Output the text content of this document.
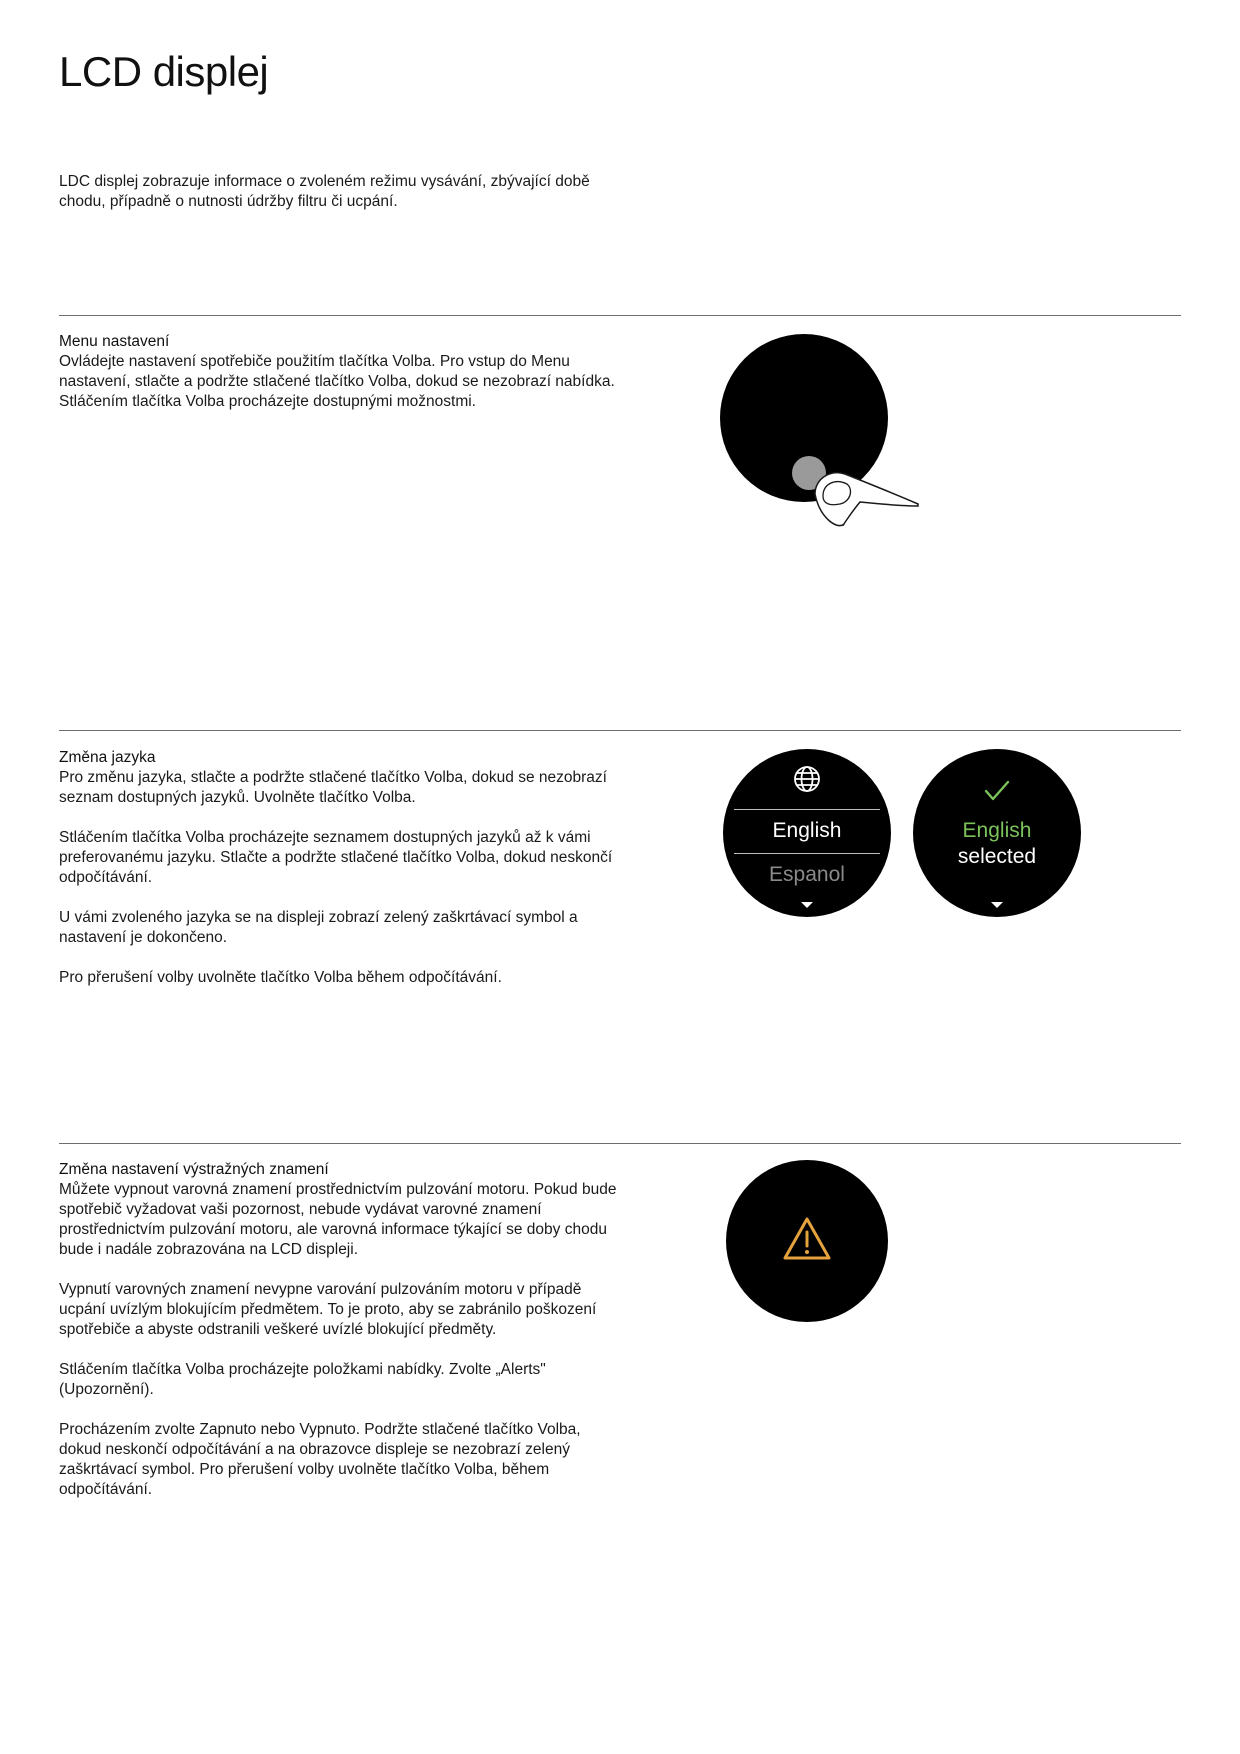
LCD displej

LDC displej zobrazuje informace o zvoleném režimu vysávání, zbývající době chodu, případně o nutnosti údržby filtru či ucpání.

Menu nastavení

Ovládejte nastavení spotřebiče použitím tlačítka Volba. Pro vstup do Menu nastavení, stlačte a podržte stlačené tlačítko Volba, dokud se nezobrazí nabídka. Stláčením tlačítka Volba procházejte dostupnými možnostmi.

Změna jazyka

Pro změnu jazyka, stlačte a podržte stlačené tlačítko Volba, dokud se nezobrazí seznam dostupných jazyků. Uvolněte tlačítko Volba.

Stláčením tlačítka Volba procházejte seznamem dostupných jazyků až k vámi preferovanému jazyku. Stlačte a podržte stlačené tlačítko Volba, dokud neskončí odpočítávání.

U vámi zvoleného jazyka se na displeji zobrazí zelený zaškrtávací symbol a nastavení je dokončeno.

Pro přerušení volby uvolněte tlačítko Volba během odpočítávání.

English
Espanol
English
selected
Změna nastavení výstražných znamení

Můžete vypnout varovná znamení prostřednictvím pulzování motoru. Pokud bude spotřebič vyžadovat vaši pozornost, nebude vydávat varovné znamení prostřednictvím pulzování motoru, ale varovná informace týkající se doby chodu bude i nadále zobrazována na LCD displeji.

Vypnutí varovných znamení nevypne varování pulzováním motoru v případě ucpání uvízlým blokujícím předmětem. To je proto, aby se zabránilo poškození spotřebiče a abyste odstranili veškeré uvízlé blokující předměty.

Stláčením tlačítka Volba procházejte položkami nabídky. Zvolte „Alerts" (Upozornění).

Procházením zvolte Zapnuto nebo Vypnuto. Podržte stlačené tlačítko Volba, dokud neskončí odpočítávání a na obrazovce displeje se nezobrazí zelený zaškrtávací symbol. Pro přerušení volby uvolněte tlačítko Volba, během odpočítávání.
